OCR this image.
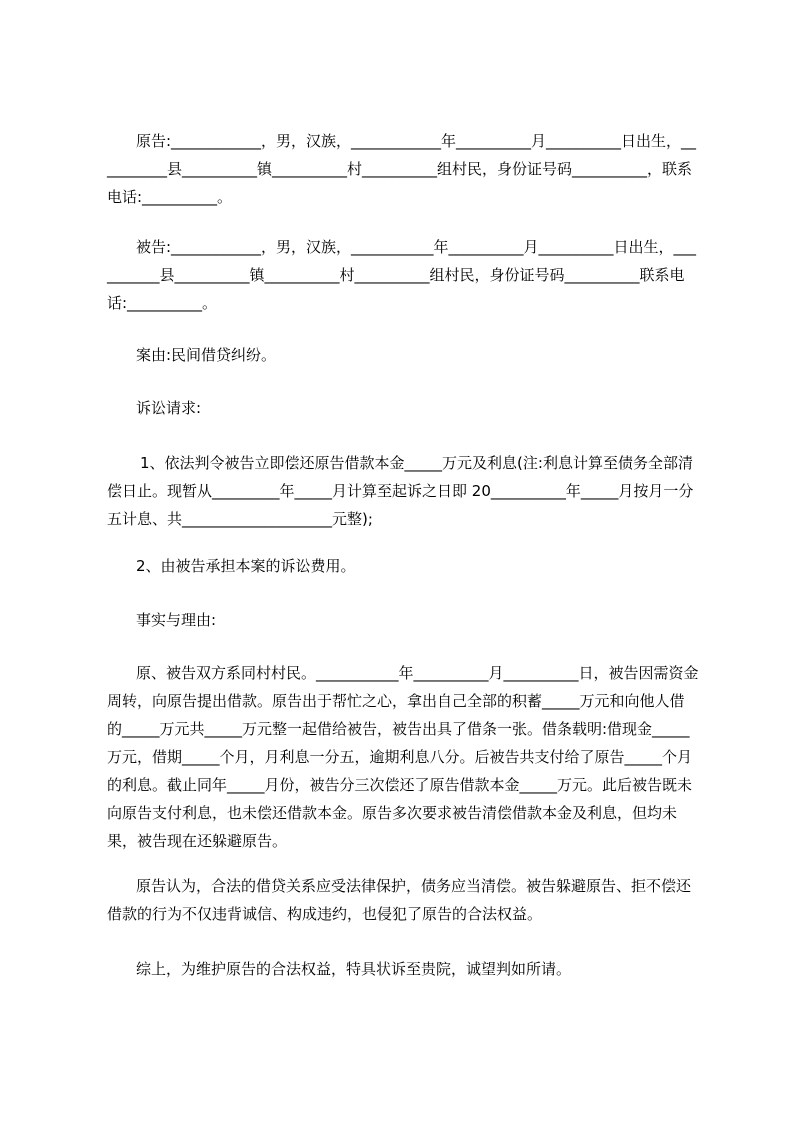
原告:____________，男，汉族，____________年__________月__________日出生，__________县__________镇__________村__________组村民，身份证号码__________，联系电话:__________。

被告:____________，男，汉族，___________年__________月__________日出生，__________县__________镇__________村__________组村民，身份证号码__________联系电话:__________。

案由:民间借贷纠纷。

诉讼请求:

1、依法判令被告立即偿还原告借款本金_____万元及利息(注:利息计算至债务全部清偿日止。现暂从_________年_____月计算至起诉之日即 20__________年_____月按月一分五计息、共____________________元整);

2、由被告承担本案的诉讼费用。

事实与理由:

原、被告双方系同村村民。___________年__________月__________日，被告因需资金周转，向原告提出借款。原告出于帮忙之心，拿出自己全部的积蓄_____万元和向他人借的_____万元共_____万元整一起借给被告，被告出具了借条一张。借条载明:借现金_____万元，借期_____个月，月利息一分五，逾期利息八分。后被告共支付给了原告_____个月的利息。截止同年_____月份，被告分三次偿还了原告借款本金_____万元。此后被告既未向原告支付利息，也未偿还借款本金。原告多次要求被告清偿借款本金及利息，但均未果，被告现在还躲避原告。

原告认为，合法的借贷关系应受法律保护，债务应当清偿。被告躲避原告、拒不偿还借款的行为不仅违背诚信、构成违约，也侵犯了原告的合法权益。

综上，为维护原告的合法权益，特具状诉至贵院，诚望判如所请。
